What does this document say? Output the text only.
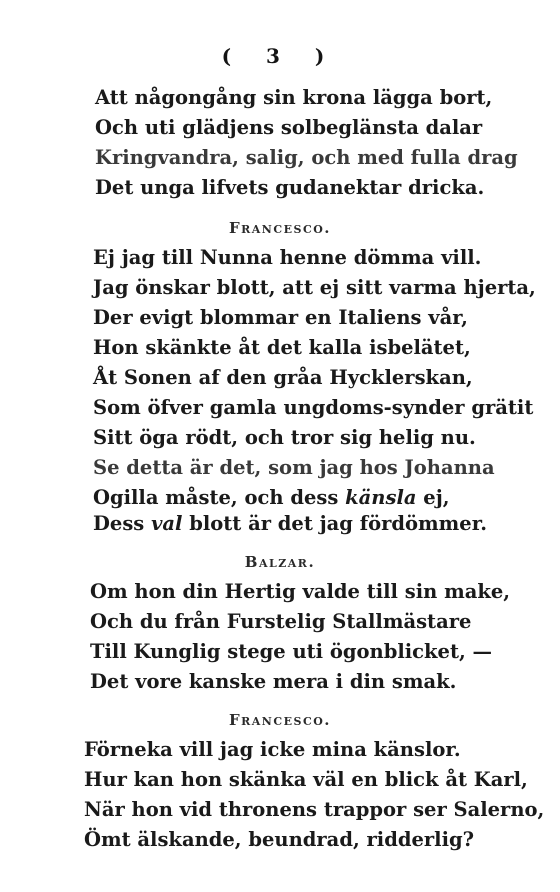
( 3 )
Att någongång sin krona lägga bort,
Och uti glädjens solbeglänsta dalar
Kringvandra, salig, och med fulla drag
Det unga lifvets gudanektar dricka.
Francesco.
Ej jag till Nunna henne dömma vill.
Jag önskar blott, att ej sitt varma hjerta,
Der evigt blommar en Italiens vår,
Hon skänkte åt det kalla isbelätet,
Åt Sonen af den gråa Hycklerskan,
Som öfver gamla ungdoms-synder grätit
Sitt öga rödt, och tror sig helig nu.
Se detta är det, som jag hos Johanna
Ogilla måste, och dess känsla ej,
Dess val blott är det jag fördömmer.
Balzar.
Om hon din Hertig valde till sin make,
Och du från Furstelig Stallmästare
Till Kunglig stege uti ögonblicket, —
Det vore kanske mera i din smak.
Francesco.
Förneka vill jag icke mina känslor.
Hur kan hon skänka väl en blick åt Karl,
När hon vid thronens trappor ser Salerno,
Ömt älskande, beundrad, ridderlig?
